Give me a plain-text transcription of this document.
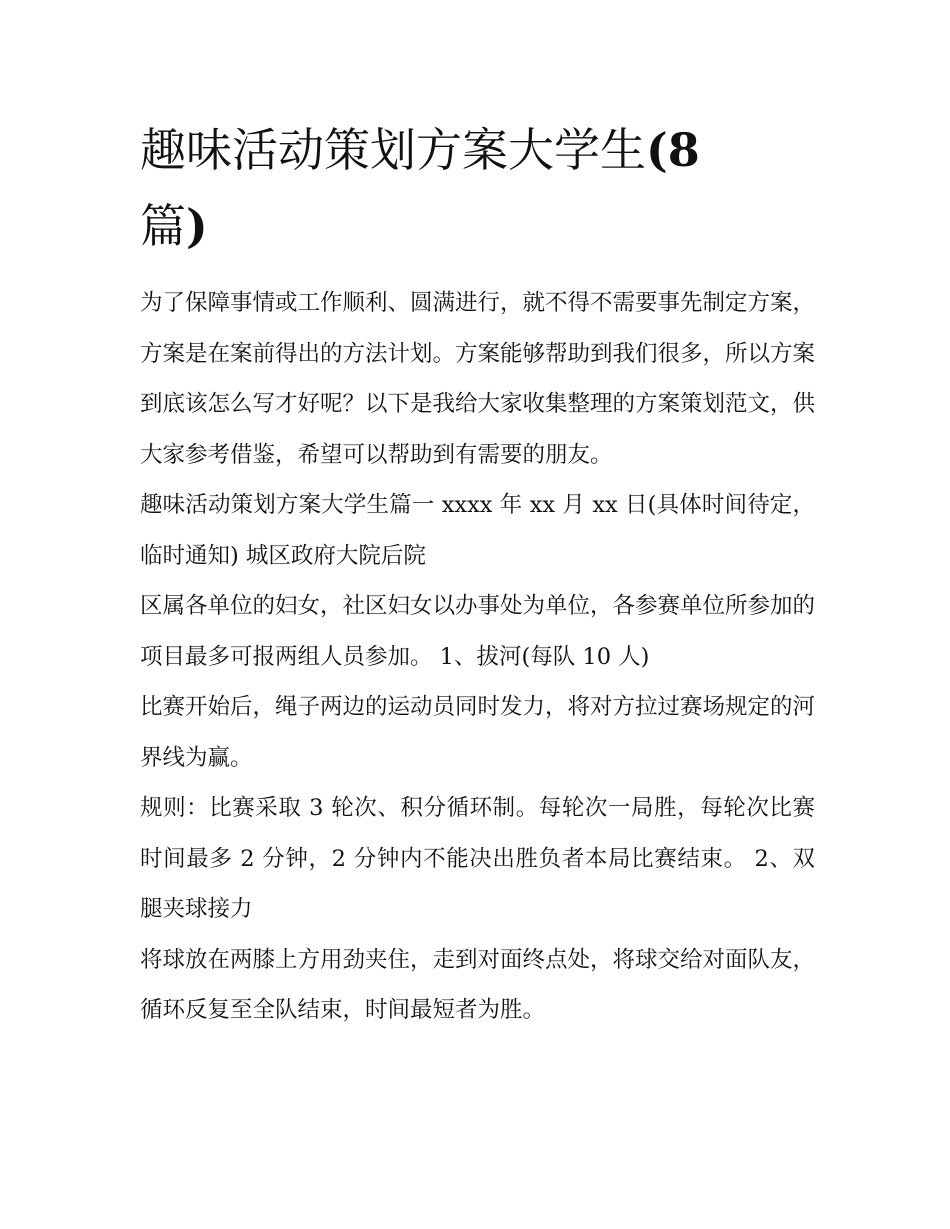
趣味活动策划方案大学生(8
篇)

为了保障事情或工作顺利、圆满进行，就不得不需要事先制定方案，方案是在案前得出的方法计划。方案能够帮助到我们很多，所以方案到底该怎么写才好呢？以下是我给大家收集整理的方案策划范文，供大家参考借鉴，希望可以帮助到有需要的朋友。

趣味活动策划方案大学生篇一 xxxx 年 xx 月 xx 日(具体时间待定，临时通知) 城区政府大院后院

区属各单位的妇女，社区妇女以办事处为单位，各参赛单位所参加的项目最多可报两组人员参加。 1、拔河(每队 10 人)

比赛开始后，绳子两边的运动员同时发力，将对方拉过赛场规定的河界线为赢。

规则：比赛采取 3 轮次、积分循环制。每轮次一局胜，每轮次比赛时间最多 2 分钟，2 分钟内不能决出胜负者本局比赛结束。 2、双腿夹球接力

将球放在两膝上方用劲夹住，走到对面终点处，将球交给对面队友，循环反复至全队结束，时间最短者为胜。
